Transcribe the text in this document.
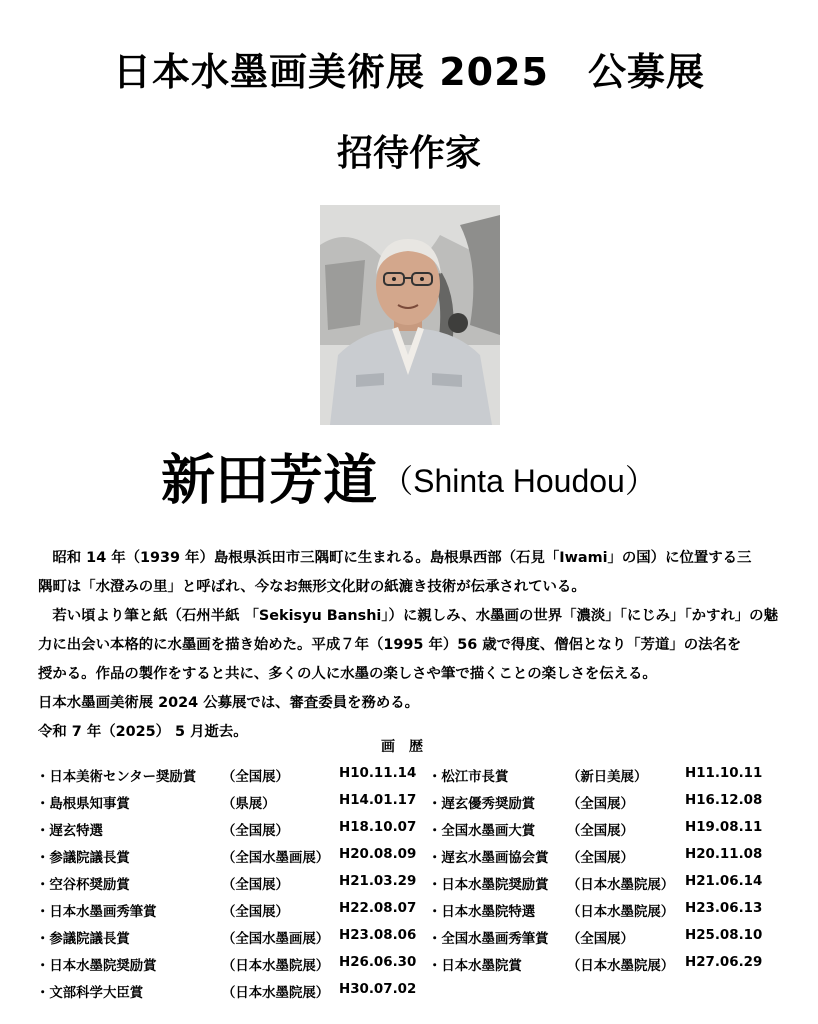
日本水墨画美術展 2025　公募展
招待作家
新田芳道 （Shinta Houdou）

　昭和 14 年（1939 年）島根県浜田市三隅町に生まれる。島根県西部（石見「Iwami」の国）に位置する三

隅町は「水澄みの里」と呼ばれ、今なお無形文化財の紙漉き技術が伝承されている。

　若い頃より筆と紙（石州半紙 「Sekisyu Banshi」）に親しみ、水墨画の世界「濃淡」「にじみ」「かすれ」の魅

力に出会い本格的に水墨画を描き始めた。平成７年（1995 年）56 歳で得度、僧侶となり「芳道」の法名を

授かる。作品の製作をすると共に、多くの人に水墨の楽しさや筆で描くことの楽しさを伝える。

日本水墨画美術展 2024 公募展では、審査委員を務める。

令和 7 年（2025） 5 月逝去。

画歴
・日本美術センター奨励賞 （全国展）	H10.11.14
・島根県知事賞	（県展）	H14.01.17
・遅玄特選	（全国展）	H18.10.07
・参議院議長賞	（全国水墨画展） H20.08.09
・空谷杯奨励賞	（全国展）	H21.03.29
・日本水墨画秀筆賞	（全国展）	H22.08.07
・参議院議長賞	（全国水墨画展） H23.08.06
・日本水墨院奨励賞	（日本水墨院展） H26.06.30
・文部科学大臣賞	（日本水墨院展） H30.07.02
・松江市長賞	（新日美展）	H11.10.11
・遅玄優秀奨励賞 （全国展）	H16.12.08
・全国水墨画大賞 （全国展）	H19.08.11
・遅玄水墨画協会賞 （全国展）	H20.11.08
・日本水墨院奨励賞 （日本水墨院展） H21.06.14
・日本水墨院特選 （日本水墨院展） H23.06.13
・全国水墨画秀筆賞 （全国展）	H25.08.10
・日本水墨院賞	（日本水墨院展） H27.06.29
